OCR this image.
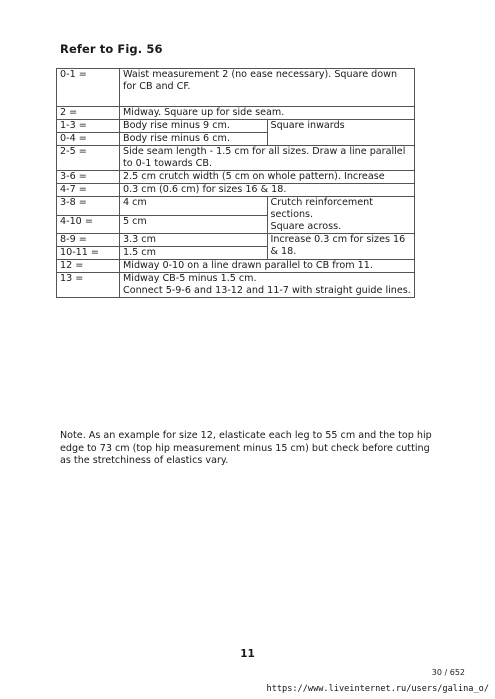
Refer to Fig. 56
0-1 =	Waist measurement 2 (no ease necessary). Square down for CB and CF.	
2 =	Midway. Square up for side seam.	
1-3 =	Body rise minus 9 cm.	Square inwards
0-4 =	Body rise minus 6 cm.	
2-5 =	Side seam length - 1.5 cm for all sizes. Draw a line parallel to 0-1 towards CB.	
3-6 =	2.5 cm crutch width (5 cm on whole pattern). Increase	
4-7 =	0.3 cm (0.6 cm) for sizes 16 & 18.	
3-8 =	4 cm	Crutch reinforcement sections.
Square across.
4-10 =	5 cm	
8-9 =	3.3 cm	Increase 0.3 cm for sizes 16 & 18.
10-11 =	1.5 cm	
12 =	Midway 0-10 on a line drawn parallel to CB from 11.	
13 =	Midway CB-5 minus 1.5 cm.
Connect 5-9-6 and 13-12 and 11-7 with straight guide lines.	
Note. As an example for size 12, elasticate each leg to 55 cm and the top hip edge to 73 cm (top hip measurement minus 15 cm) but check before cutting as the stretchiness of elastics vary.
11
30 / 652
https://www.liveinternet.ru/users/galina_o/
